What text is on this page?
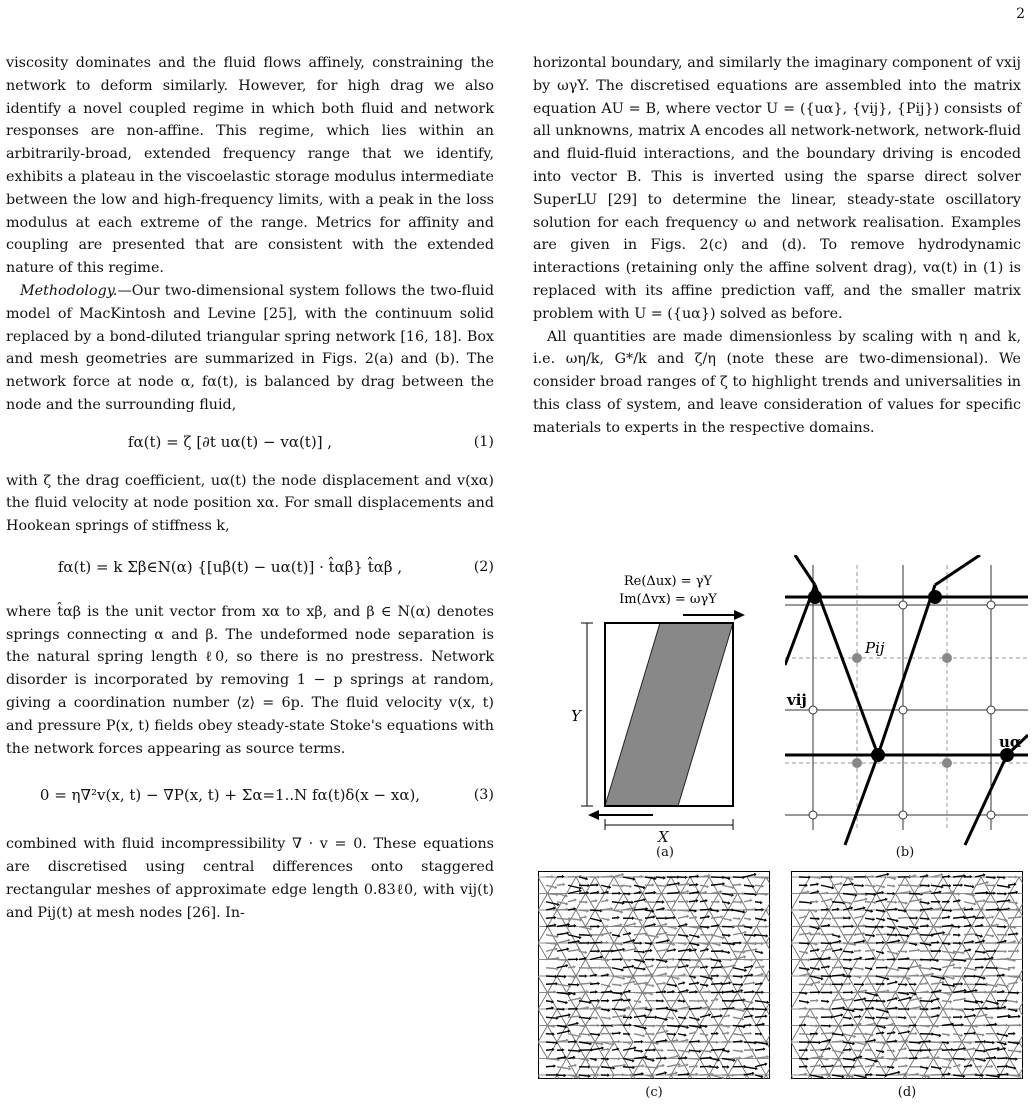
2

viscosity dominates and the fluid flows affinely, constraining the network to deform similarly. However, for high drag we also identify a novel coupled regime in which both fluid and network responses are non-affine. This regime, which lies within an arbitrarily-broad, extended frequency range that we identify, exhibits a plateau in the viscoelastic storage modulus intermediate between the low and high-frequency limits, with a peak in the loss modulus at each extreme of the range. Metrics for affinity and coupling are presented that are consistent with the extended nature of this regime.

Methodology.—Our two-dimensional system follows the two-fluid model of MacKintosh and Levine [25], with the continuum solid replaced by a bond-diluted triangular spring network [16, 18]. Box and mesh geometries are summarized in Figs. 2(a) and (b). The network force at node α, fα(t), is balanced by drag between the node and the surrounding fluid,

fα(t) = ζ [∂t uα(t) − vα(t)] ,	(1)

with ζ the drag coefficient, uα(t) the node displacement and v(xα) the fluid velocity at node position xα. For small displacements and Hookean springs of stiffness k,

fα(t) = k Σβ∈N(α) {[uβ(t) − uα(t)] · t̂αβ} t̂αβ ,	(2)

where t̂αβ is the unit vector from xα to xβ, and β ∈ N(α) denotes springs connecting α and β. The undeformed node separation is the natural spring length ℓ0, so there is no prestress. Network disorder is incorporated by removing 1 − p springs at random, giving a coordination number ⟨z⟩ = 6p. The fluid velocity v(x, t) and pressure P(x, t) fields obey steady-state Stoke's equations with the network forces appearing as source terms.

0 = η∇²v(x, t) − ∇P(x, t) + Σα=1..N fα(t)δ(x − xα),	(3)

combined with fluid incompressibility ∇ · v = 0. These equations are discretised using central differences onto staggered rectangular meshes of approximate edge length 0.83ℓ0, with vij(t) and Pij(t) at mesh nodes [26]. In-

horizontal boundary, and similarly the imaginary component of vxij by ωγY. The discretised equations are assembled into the matrix equation AU = B, where vector U = ({uα}, {vij}, {Pij}) consists of all unknowns, matrix A encodes all network-network, network-fluid and fluid-fluid interactions, and the boundary driving is encoded into vector B. This is inverted using the sparse direct solver SuperLU [29] to determine the linear, steady-state oscillatory solution for each frequency ω and network realisation. Examples are given in Figs. 2(c) and (d). To remove hydrodynamic interactions (retaining only the affine solvent drag), vα(t) in (1) is replaced with its affine prediction vaff, and the smaller matrix problem with U = ({uα}) solved as before.

All quantities are made dimensionless by scaling with η and k, i.e. ωη/k, G*/k and ζ/η (note these are two-dimensional). We consider broad ranges of ζ to highlight trends and universalities in this class of system, and leave consideration of values for specific materials to experts in the respective domains.

Re(Δux) = γY
Im(Δvx) = ωγY
Y
X
(a)
Pij
vij
uα
(b)
(c)	(d)
